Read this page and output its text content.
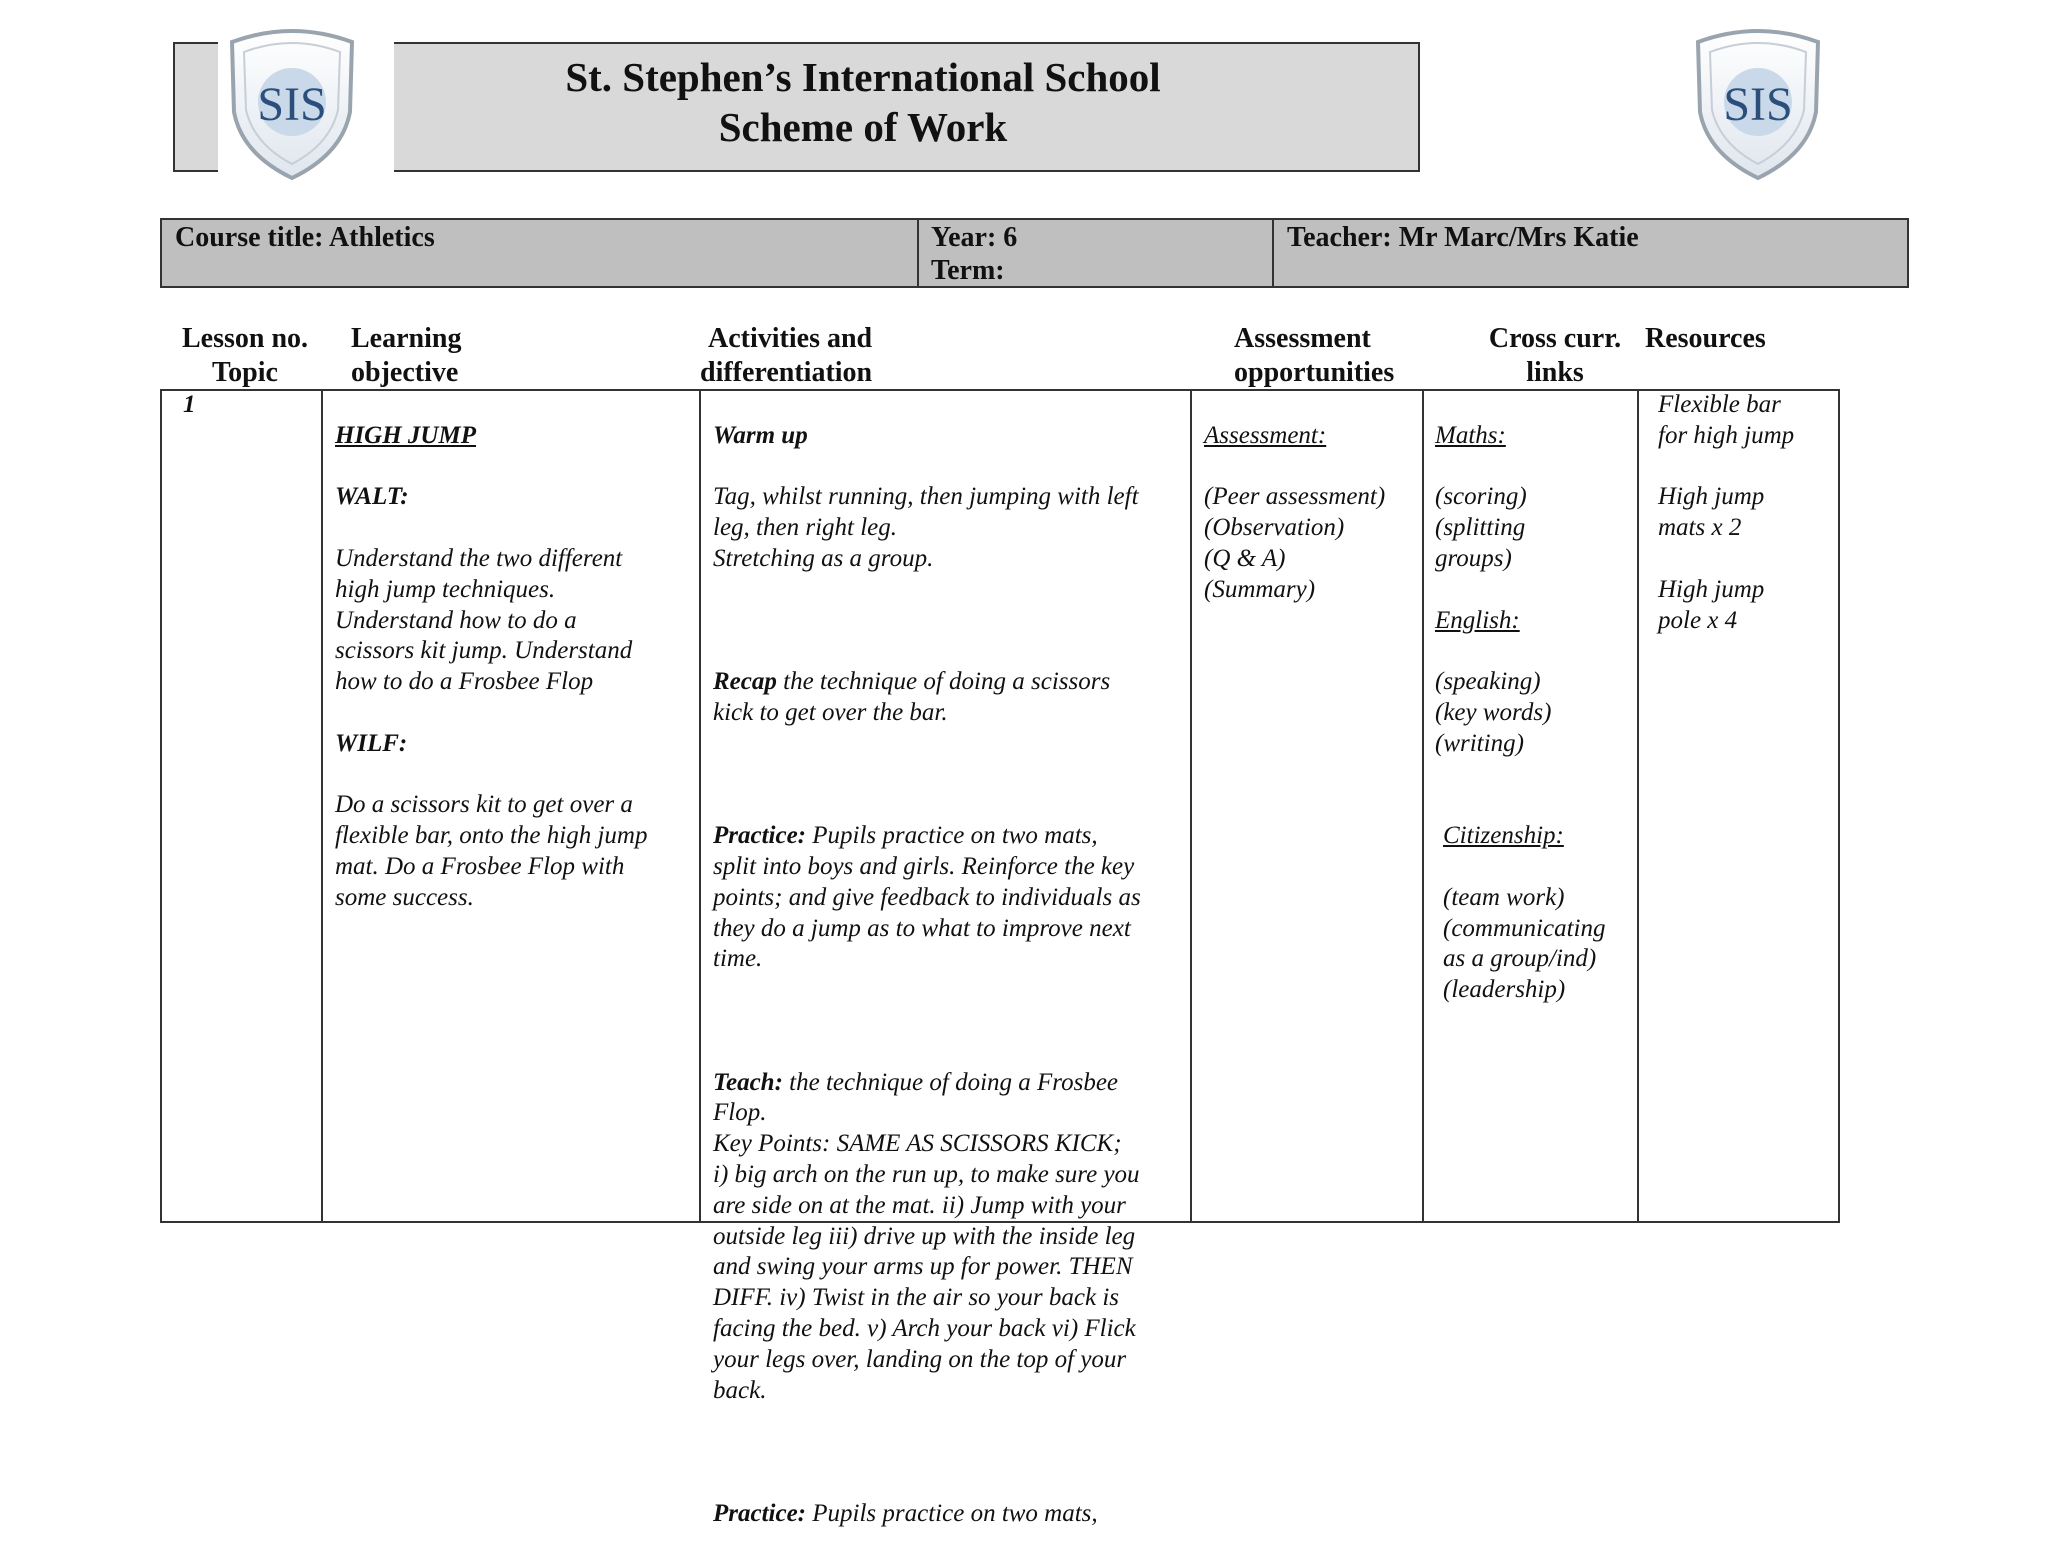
St. Stephen’s International School
Scheme of Work
SIS	SIS
Course title: Athletics	Year: 6
Term:
Teacher: Mr Marc/Mrs Katie
Lesson no.
Topic
Learning
objective
Activities and
differentiation
Assessment
opportunities
Cross curr.
links
Resources
1

HIGH JUMP

WALT:

Understand the two different
high jump techniques.
Understand how to do a
scissors kit jump. Understand
how to do a Frosbee Flop

WILF:

Do a scissors kit to get over a
flexible bar, onto the high jump
mat. Do a Frosbee Flop with
some success.

Warm up

Tag, whilst running, then jumping with left
leg, then right leg.
Stretching as a group.

Recap the technique of doing a scissors
kick to get over the bar.

Practice: Pupils practice on two mats,
split into boys and girls. Reinforce the key
points; and give feedback to individuals as
they do a jump as to what to improve next
time.

Teach: the technique of doing a Frosbee
Flop.
Key Points: SAME AS SCISSORS KICK;
i) big arch on the run up, to make sure you
are side on at the mat. ii) Jump with your
outside leg iii) drive up with the inside leg
and swing your arms up for power. THEN
DIFF. iv) Twist in the air so your back is
facing the bed. v) Arch your back vi) Flick
your legs over, landing on the top of your
back.

Practice: Pupils practice on two mats,

Assessment:

(Peer assessment)
(Observation)
(Q & A)
(Summary)

Maths:

(scoring)
(splitting
groups)

English:

(speaking)
(key words)
(writing)

Citizenship:

(team work)
(communicating
as a group/ind)
(leadership)

Flexible bar
for high jump

High jump
mats x 2

High jump
pole x 4
